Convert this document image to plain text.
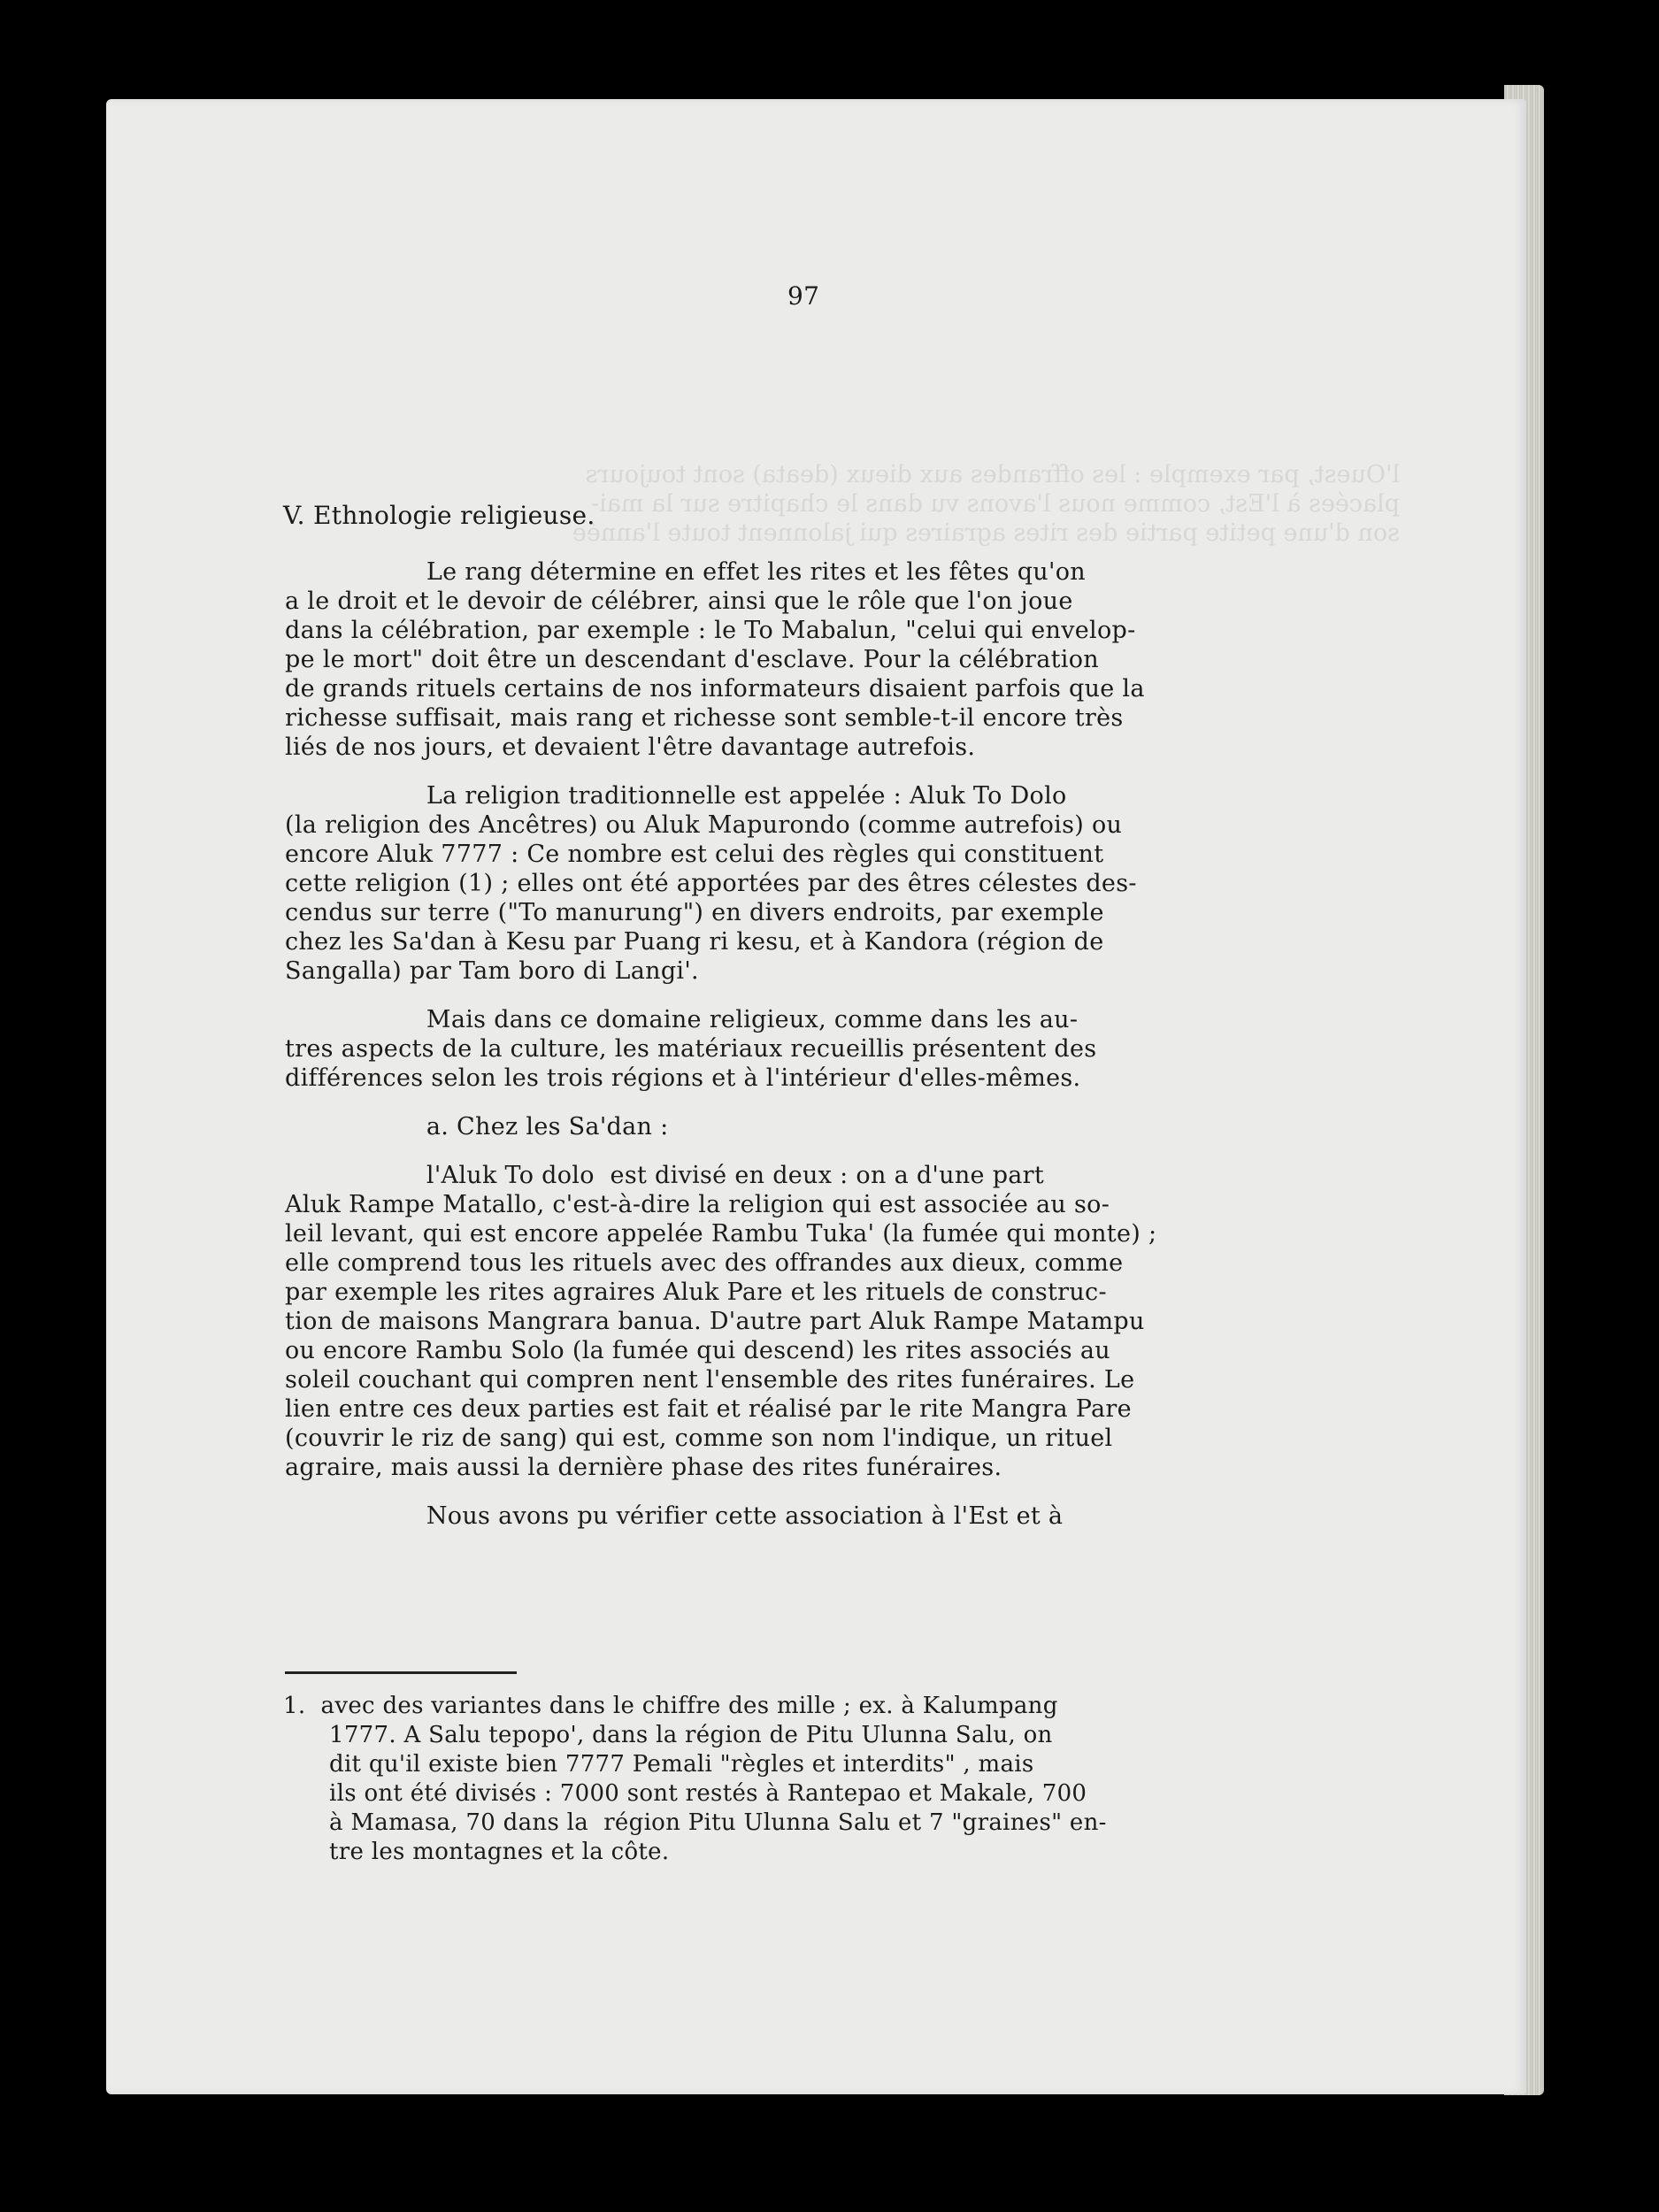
l'Ouest, par exemple : les offrandes aux dieux (deata) sont toujours
placées à l'Est, comme nous l'avons vu dans le chapitre sur la mai-
son d'une petite partie des rites agraires qui jalonnent toute l'année
97
V. Ethnologie religieuse.
Le rang détermine en effet les rites et les fêtes qu'on
a le droit et le devoir de célébrer, ainsi que le rôle que l'on joue
dans la célébration, par exemple : le To Mabalun, "celui qui envelop-
pe le mort" doit être un descendant d'esclave. Pour la célébration
de grands rituels certains de nos informateurs disaient parfois que la
richesse suffisait, mais rang et richesse sont semble-t-il encore très
liés de nos jours, et devaient l'être davantage autrefois.
La religion traditionnelle est appelée : Aluk To Dolo
(la religion des Ancêtres) ou Aluk Mapurondo (comme autrefois) ou
encore Aluk 7777 : Ce nombre est celui des règles qui constituent
cette religion (1) ; elles ont été apportées par des êtres célestes des-
cendus sur terre ("To manurung") en divers endroits, par exemple
chez les Sa'dan à Kesu par Puang ri kesu, et à Kandora (région de
Sangalla) par Tam boro di Langi'.
Mais dans ce domaine religieux, comme dans les au-
tres aspects de la culture, les matériaux recueillis présentent des
différences selon les trois régions et à l'intérieur d'elles-mêmes.
a. Chez les Sa'dan :
l'Aluk To dolo  est divisé en deux : on a d'une part
Aluk Rampe Matallo, c'est-à-dire la religion qui est associée au so-
leil levant, qui est encore appelée Rambu Tuka' (la fumée qui monte) ;
elle comprend tous les rituels avec des offrandes aux dieux, comme
par exemple les rites agraires Aluk Pare et les rituels de construc-
tion de maisons Mangrara banua. D'autre part Aluk Rampe Matampu
ou encore Rambu Solo (la fumée qui descend) les rites associés au
soleil couchant qui compren nent l'ensemble des rites funéraires. Le
lien entre ces deux parties est fait et réalisé par le rite Mangra Pare
(couvrir le riz de sang) qui est, comme son nom l'indique, un rituel
agraire, mais aussi la dernière phase des rites funéraires.
Nous avons pu vérifier cette association à l'Est et à
1.  avec des variantes dans le chiffre des mille ; ex. à Kalumpang
1777. A Salu tepopo', dans la région de Pitu Ulunna Salu, on
dit qu'il existe bien 7777 Pemali "règles et interdits" , mais
ils ont été divisés : 7000 sont restés à Rantepao et Makale, 700
à Mamasa, 70 dans la  région Pitu Ulunna Salu et 7 "graines" en-
tre les montagnes et la côte.
